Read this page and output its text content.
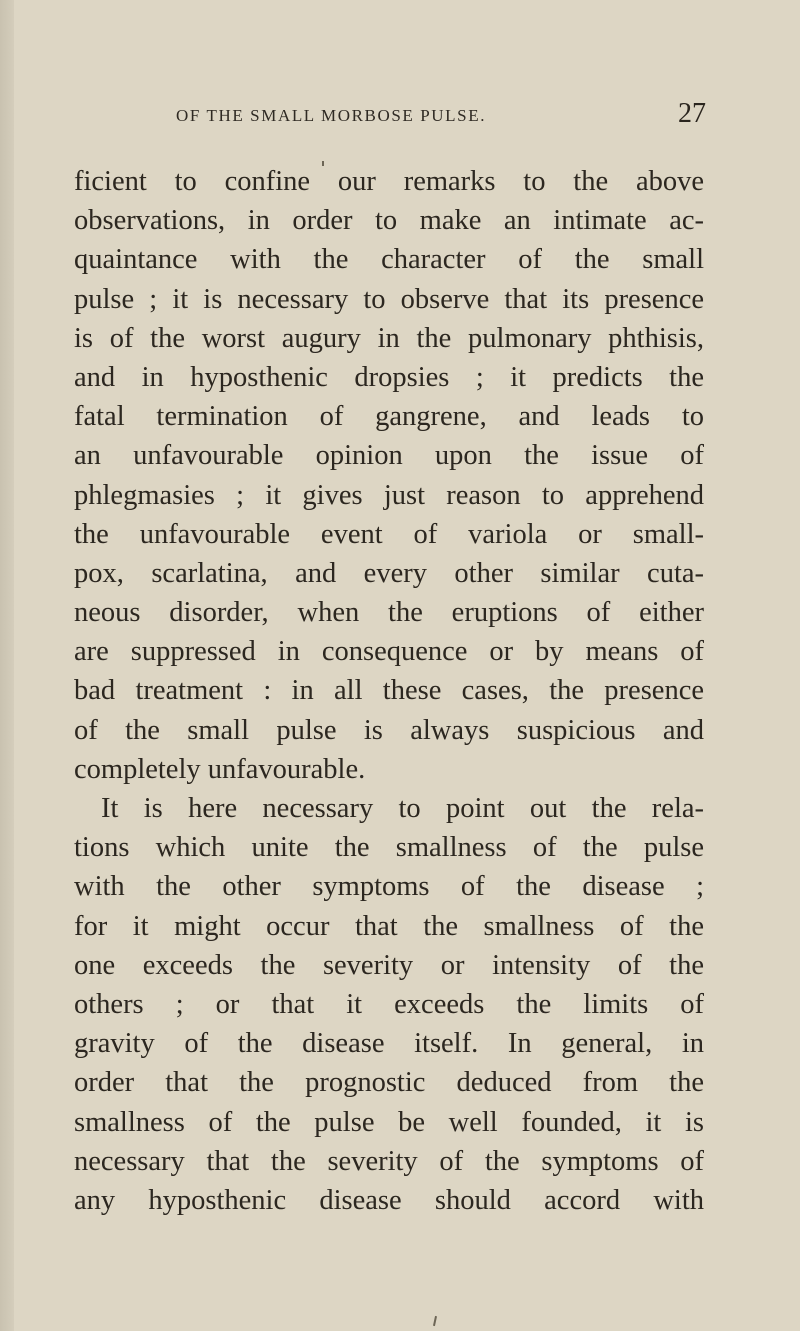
OF THE SMALL MORBOSE PULSE.	27
ficient to confine our remarks to the above
observations, in order to make an intimate ac-
quaintance with the character of the small
pulse ; it is necessary to observe that its presence
is of the worst augury in the pulmonary phthisis,
and in hyposthenic dropsies ; it predicts the
fatal termination of gangrene, and leads to
an unfavourable opinion upon the issue of
phlegmasies ; it gives just reason to apprehend
the unfavourable event of variola or small-
pox, scarlatina, and every other similar cuta-
neous disorder, when the eruptions of either
are suppressed in consequence or by means of
bad treatment : in all these cases, the presence
of the small pulse is always suspicious and
completely unfavourable.
It is here necessary to point out the rela-
tions which unite the smallness of the pulse
with the other symptoms of the disease ;
for it might occur that the smallness of the
one exceeds the severity or intensity of the
others ; or that it exceeds the limits of
gravity of the disease itself. In general, in
order that the prognostic deduced from the
smallness of the pulse be well founded, it is
necessary that the severity of the symptoms of
any hyposthenic disease should accord with
